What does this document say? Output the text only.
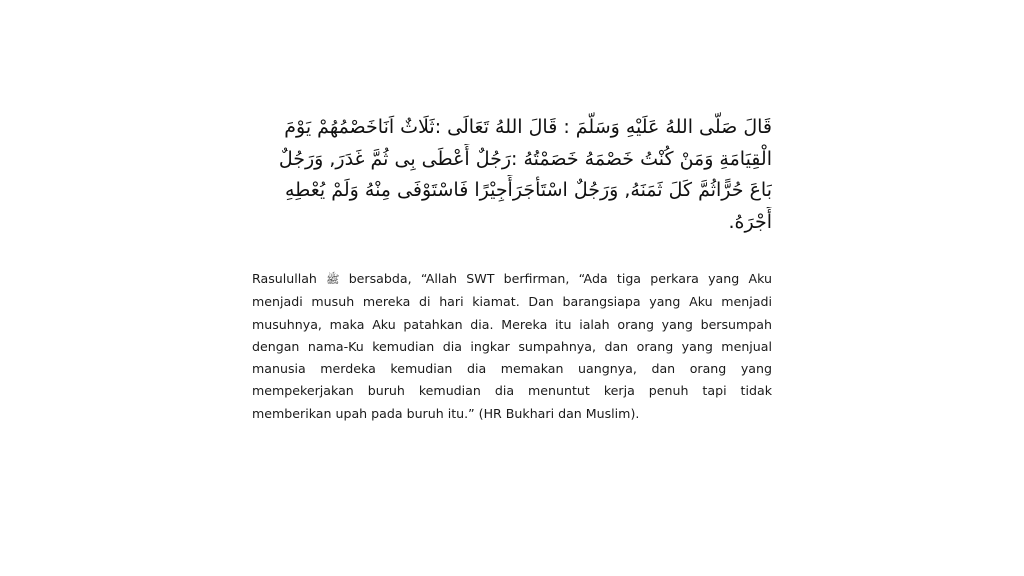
قَالَ صَلَّى اللهُ عَلَيْهِ وَسَلَّمَ : قَالَ اللهُ تَعَالَى :ثَلَاثٌ اَنَاخَصْمُهُمْ يَوْمَ
الْقِيَامَةِ وَمَنْ كُنْتُ خَصْمَهُ خَصَمْتُهُ :رَجُلٌ أَعْطَى بِى ثُمَّ غَدَرَ, وَرَجُلٌ
بَاعَ حُرًّاثُمَّ كَلَ ثَمَنَهُ, وَرَجُلٌ اسْتَأْجَرَأَجِيْرًا فَاسْتَوْفَى مِنْهُ وَلَمْ يُعْطِهِ
أَجْرَهُ.
Rasulullah ﷺ bersabda, “Allah SWT berfirman, “Ada tiga perkara yang Aku
menjadi musuh mereka di hari kiamat. Dan barangsiapa yang Aku menjadi
musuhnya, maka Aku patahkan dia. Mereka itu ialah orang yang bersumpah
dengan nama-Ku kemudian dia ingkar sumpahnya, dan orang yang menjual
manusia merdeka kemudian dia memakan uangnya, dan orang yang
mempekerjakan buruh kemudian dia menuntut kerja penuh tapi tidak
memberikan upah pada buruh itu.” (HR Bukhari dan Muslim).
